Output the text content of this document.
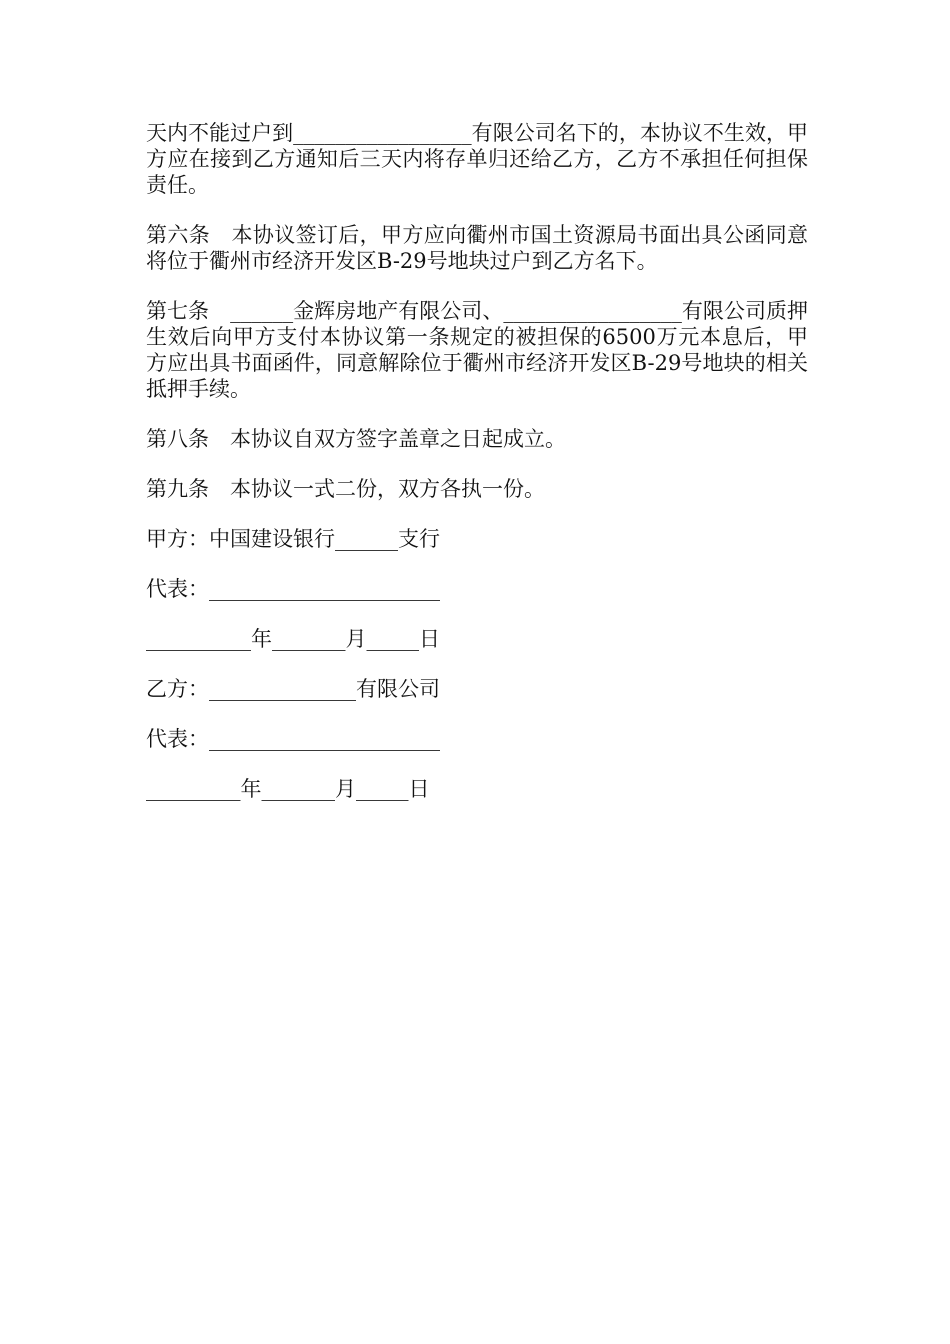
天内不能过户到_________________有限公司名下的，本协议不生效，甲方应在接到乙方通知后三天内将存单归还给乙方，乙方不承担任何担保责任。

第六条　本协议签订后，甲方应向衢州市国土资源局书面出具公函同意将位于衢州市经济开发区B-29号地块过户到乙方名下。

第七条　______金辉房地产有限公司、_________________有限公司质押生效后向甲方支付本协议第一条规定的被担保的6500万元本息后，甲方应出具书面函件，同意解除位于衢州市经济开发区B-29号地块的相关抵押手续。

第八条　本协议自双方签字盖章之日起成立。

第九条　本协议一式二份，双方各执一份。

甲方：中国建设银行______支行
代表：______________________
__________年_______月_____日
乙方：______________有限公司
代表：______________________
_________年_______月_____日
